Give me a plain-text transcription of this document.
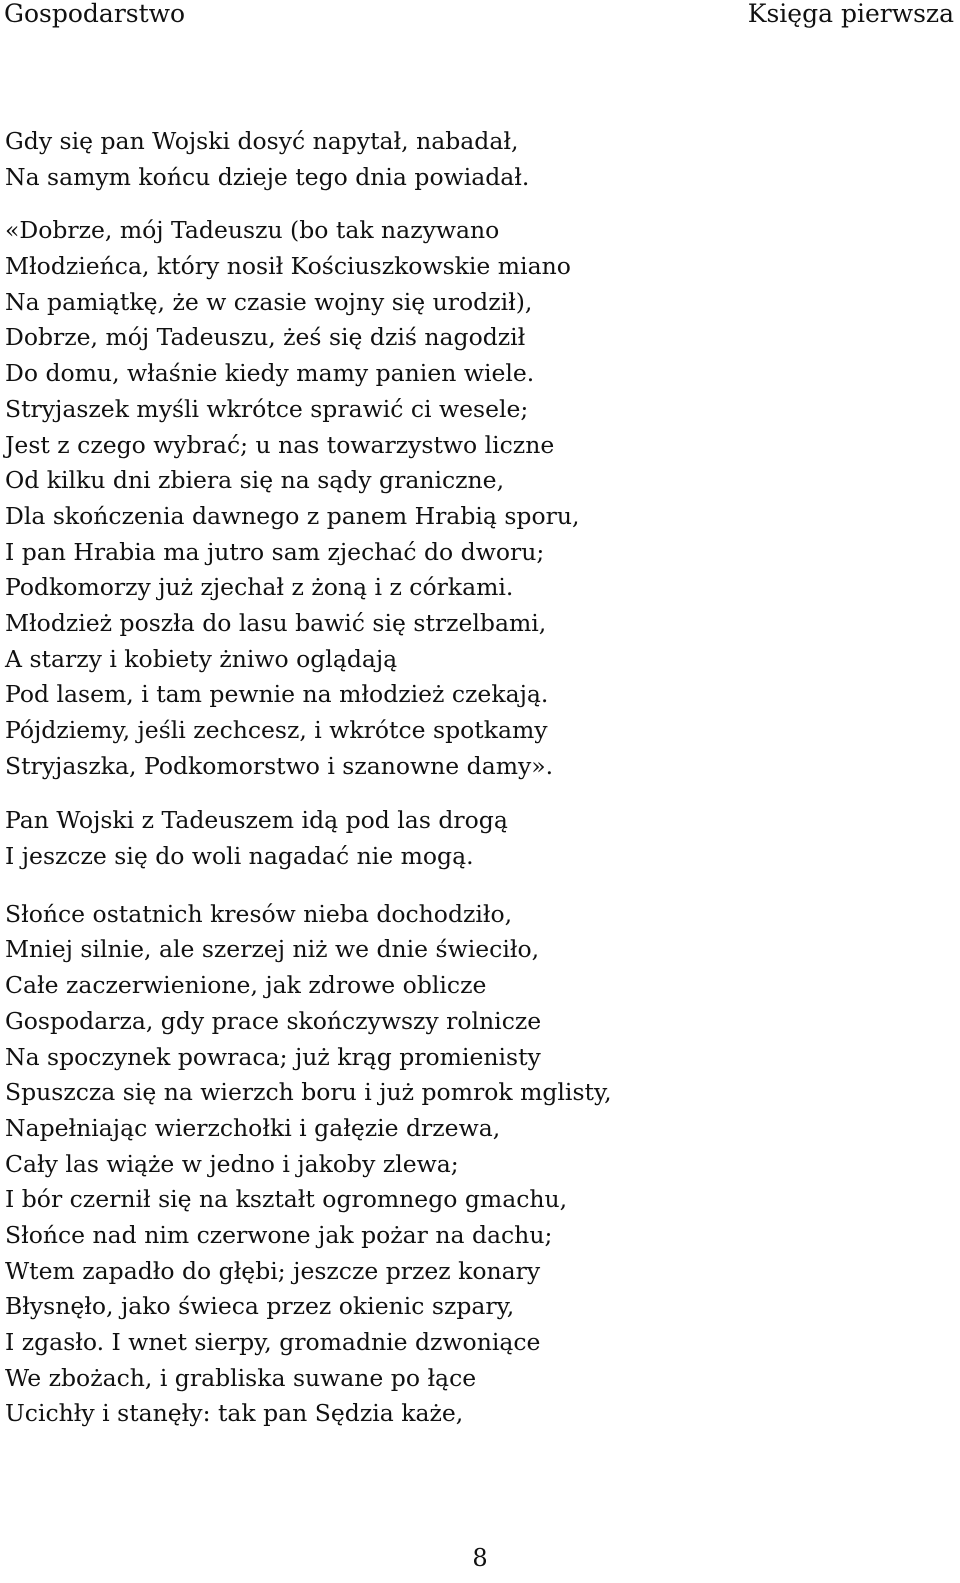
Gospodarstwo	Księga pierwsza
Gdy się pan Wojski dosyć napytał, nabadał,
Na samym końcu dzieje tego dnia powiadał.
«Dobrze, mój Tadeuszu (bo tak nazywano
Młodzieńca, który nosił Kościuszkowskie miano
Na pamiątkę, że w czasie wojny się urodził),
Dobrze, mój Tadeuszu, żeś się dziś nagodził
Do domu, właśnie kiedy mamy panien wiele.
Stryjaszek myśli wkrótce sprawić ci wesele;
Jest z czego wybrać; u nas towarzystwo liczne
Od kilku dni zbiera się na sądy graniczne,
Dla skończenia dawnego z panem Hrabią sporu,
I pan Hrabia ma jutro sam zjechać do dworu;
Podkomorzy już zjechał z żoną i z córkami.
Młodzież poszła do lasu bawić się strzelbami,
A starzy i kobiety żniwo oglądają
Pod lasem, i tam pewnie na młodzież czekają.
Pójdziemy, jeśli zechcesz, i wkrótce spotkamy
Stryjaszka, Podkomorstwo i szanowne damy».
Pan Wojski z Tadeuszem idą pod las drogą
I jeszcze się do woli nagadać nie mogą.
Słońce ostatnich kresów nieba dochodziło,
Mniej silnie, ale szerzej niż we dnie świeciło,
Całe zaczerwienione, jak zdrowe oblicze
Gospodarza, gdy prace skończywszy rolnicze
Na spoczynek powraca; już krąg promienisty
Spuszcza się na wierzch boru i już pomrok mglisty,
Napełniając wierzchołki i gałęzie drzewa,
Cały las wiąże w jedno i jakoby zlewa;
I bór czernił się na kształt ogromnego gmachu,
Słońce nad nim czerwone jak pożar na dachu;
Wtem zapadło do głębi; jeszcze przez konary
Błysnęło, jako świeca przez okienic szpary,
I zgasło. I wnet sierpy, gromadnie dzwoniące
We zbożach, i grabliska suwane po łące
Ucichły i stanęły: tak pan Sędzia każe,
8
